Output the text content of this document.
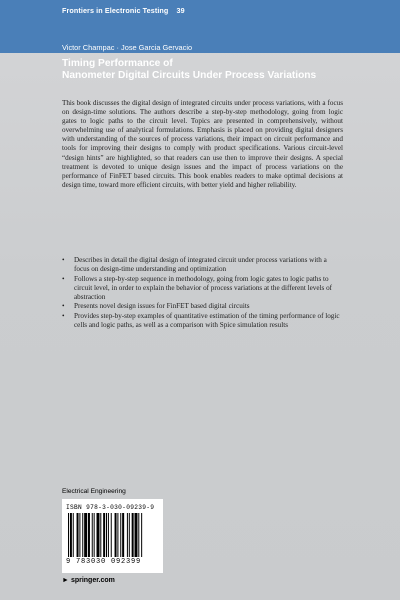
Frontiers in Electronic Testing 39
Victor Champac · Jose Garcia Gervacio
Timing Performance of
Nanometer Digital Circuits Under Process Variations

This book discusses the digital design of integrated circuits under process variations, with a focus on design-time solutions. The authors describe a step-by-step methodology, going from logic gates to logic paths to the circuit level. Topics are presented in comprehensively, without overwhelming use of analytical formulations. Emphasis is placed on providing digital designers with understanding of the sources of process variations, their impact on circuit performance and tools for improving their designs to comply with product specifications. Various circuit-level “design hints” are highlighted, so that readers can use then to improve their designs. A special treatment is devoted to unique design issues and the impact of process variations on the performance of FinFET based circuits. This book enables readers to make optimal decisions at design time, toward more efficient circuits, with better yield and higher reliability.

• Describes in detail the digital design of integrated circuit under process variations with a focus on design-time understanding and optimization
• Follows a step-by-step sequence in methodology, going from logic gates to logic paths to circuit level, in order to explain the behavior of process variations at the different levels of abstraction
• Presents novel design issues for FinFET based digital circuits
• Provides step-by-step examples of quantitative estimation of the timing performance of logic cells and logic paths, as well as a comparison with Spice simulation results
Electrical Engineering
ISBN 978-3-030-09239-9
9 783030 092399
► springer.com
